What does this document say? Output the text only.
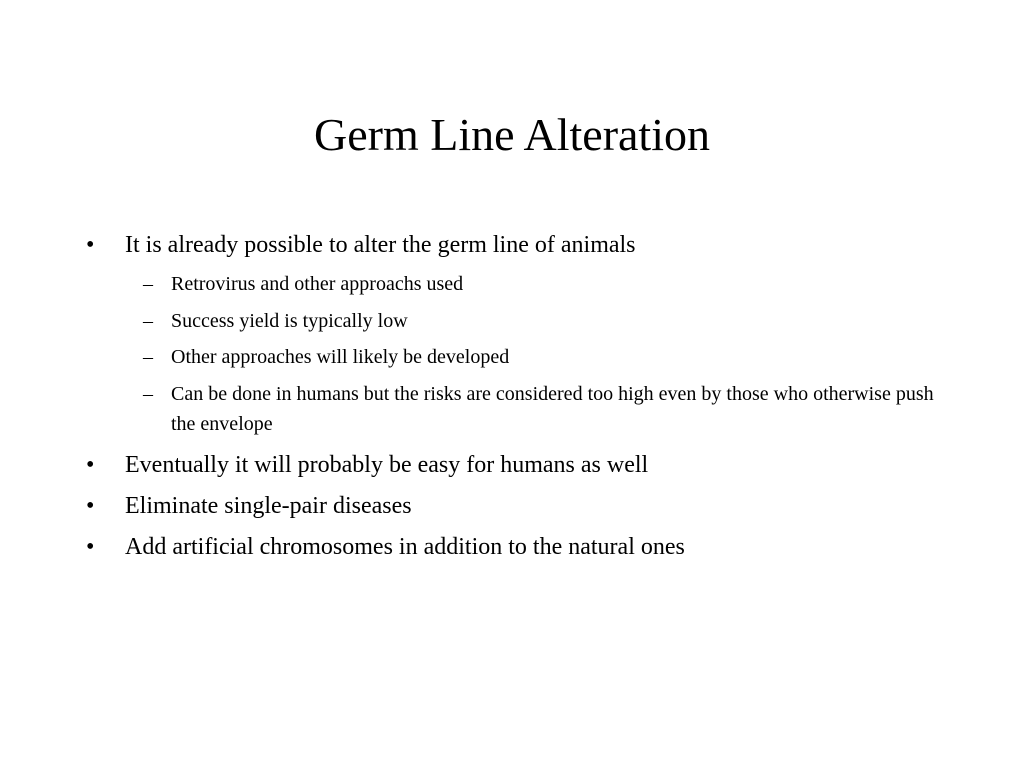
Germ Line Alteration
• It is already possible to alter the germ line of animals
– Retrovirus and other approachs used
– Success yield is typically low
– Other approaches will likely be developed
– Can be done in humans but the risks are considered too high even by those who otherwise push the envelope
• Eventually it will probably be easy for humans as well
• Eliminate single-pair diseases
• Add artificial chromosomes in addition to the natural ones
